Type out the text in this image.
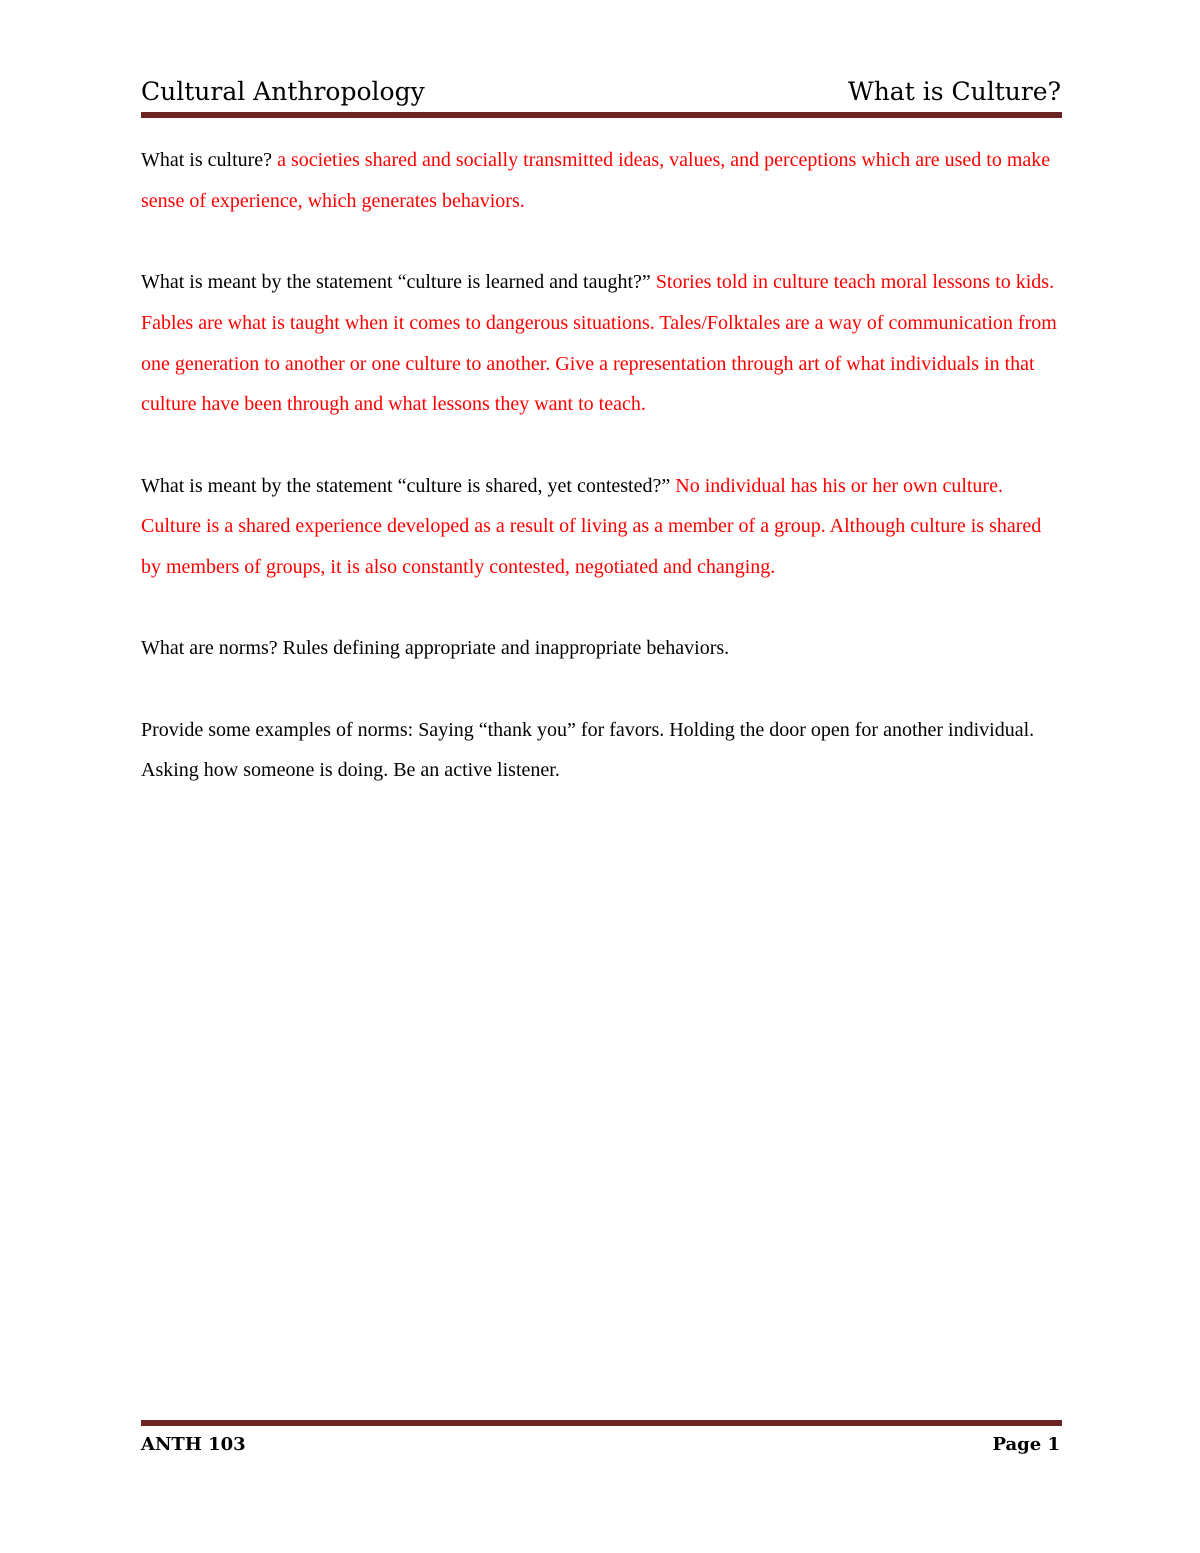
Cultural Anthropology	What is Culture?

What is culture? a societies shared and socially transmitted ideas, values, and perceptions which are used to make sense of experience, which generates behaviors.

What is meant by the statement “culture is learned and taught?” Stories told in culture teach moral lessons to kids. Fables are what is taught when it comes to dangerous situations. Tales/Folktales are a way of communication from one generation to another or one culture to another. Give a representation through art of what individuals in that culture have been through and what lessons they want to teach.

What is meant by the statement “culture is shared, yet contested?” No individual has his or her own culture. Culture is a shared experience developed as a result of living as a member of a group. Although culture is shared by members of groups, it is also constantly contested, negotiated and changing.

What are norms? Rules defining appropriate and inappropriate behaviors.

Provide some examples of norms: Saying “thank you” for favors. Holding the door open for another individual. Asking how someone is doing. Be an active listener.

ANTH 103	Page 1
